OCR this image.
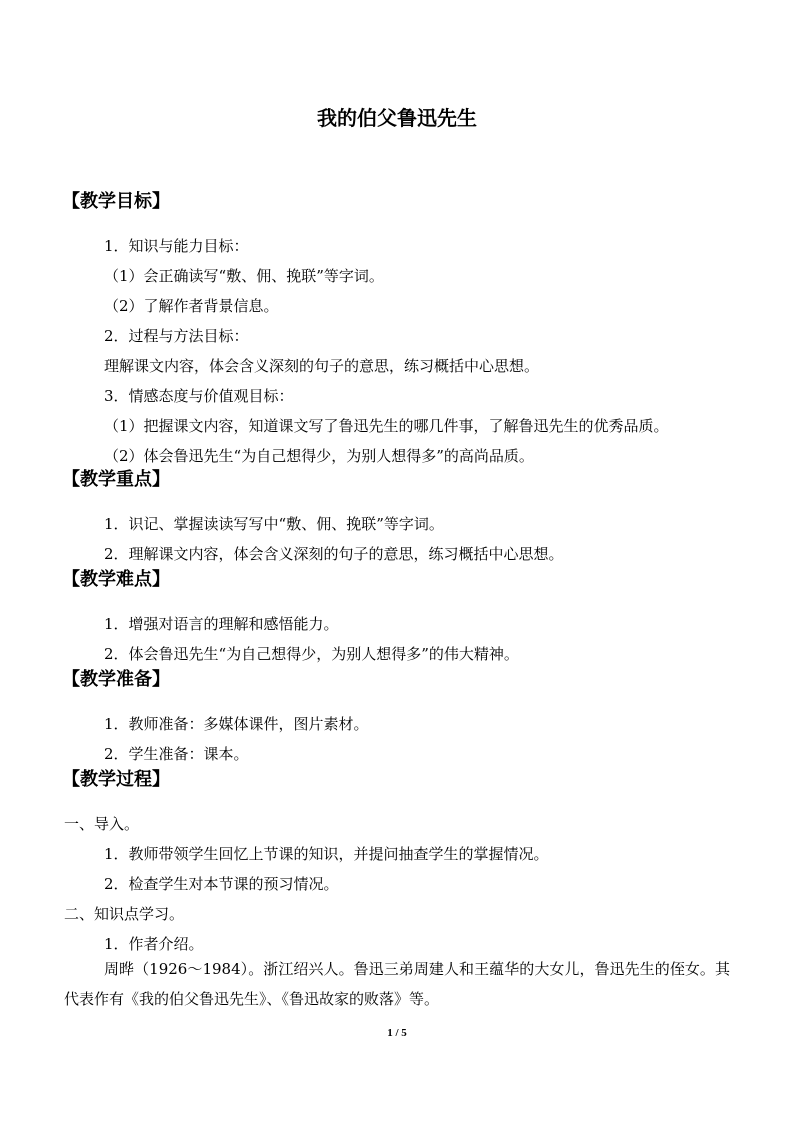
我的伯父鲁迅先生
【教学目标】
1．知识与能力目标：
（1）会正确读写“敷、佣、挽联”等字词。
（2）了解作者背景信息。
2．过程与方法目标：
理解课文内容，体会含义深刻的句子的意思，练习概括中心思想。
3．情感态度与价值观目标：
（1）把握课文内容，知道课文写了鲁迅先生的哪几件事，了解鲁迅先生的优秀品质。
（2）体会鲁迅先生“为自己想得少，为别人想得多”的高尚品质。
【教学重点】
1．识记、掌握读读写写中“敷、佣、挽联”等字词。
2．理解课文内容，体会含义深刻的句子的意思，练习概括中心思想。
【教学难点】
1．增强对语言的理解和感悟能力。
2．体会鲁迅先生“为自己想得少，为别人想得多”的伟大精神。
【教学准备】
1．教师准备：多媒体课件，图片素材。
2．学生准备：课本。
【教学过程】
一、导入。
1．教师带领学生回忆上节课的知识，并提问抽查学生的掌握情况。
2．检查学生对本节课的预习情况。
二、知识点学习。
1．作者介绍。
周晔（1926～1984）。浙江绍兴人。鲁迅三弟周建人和王蕴华的大女儿，鲁迅先生的侄女。其代表作有《我的伯父鲁迅先生》、《鲁迅故家的败落》等。
1 / 5
